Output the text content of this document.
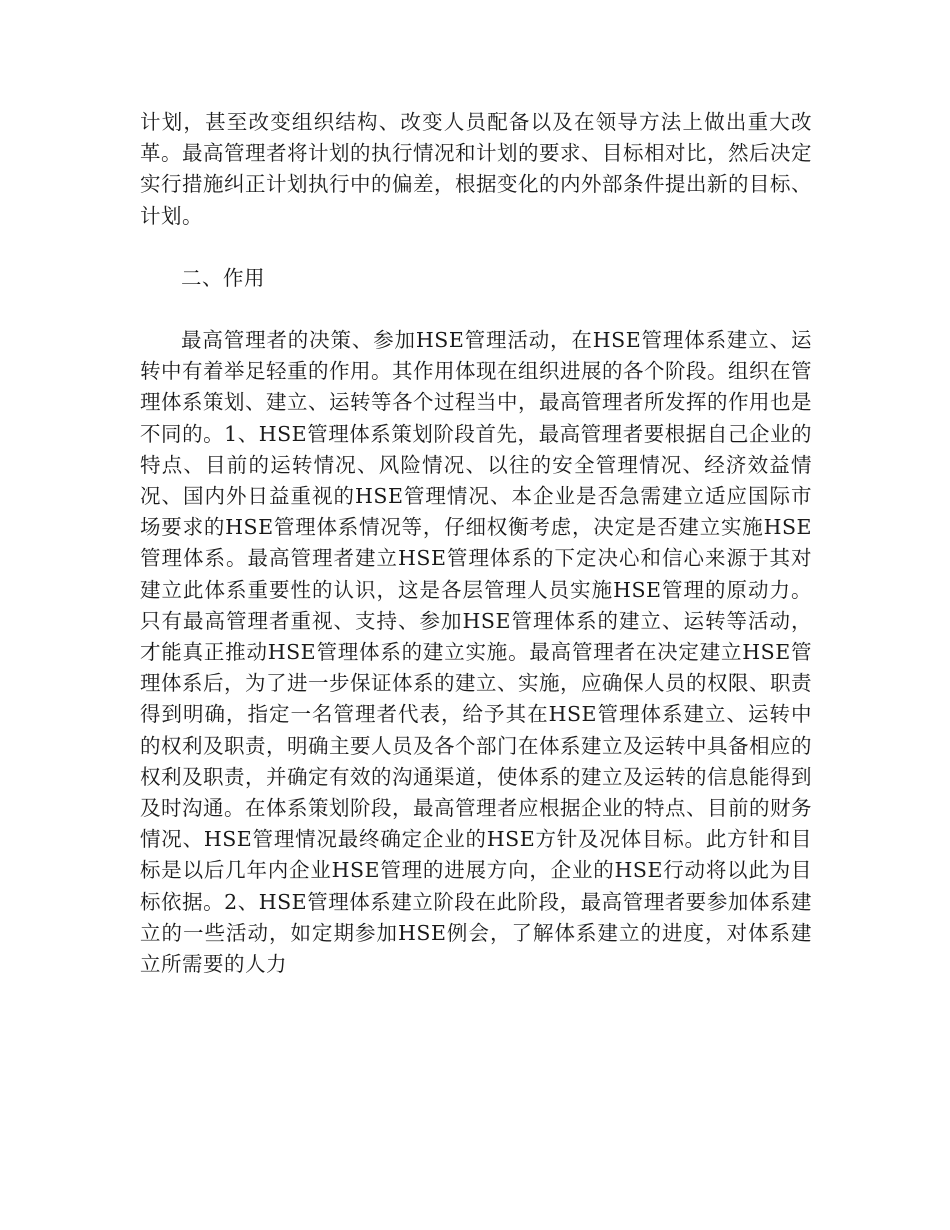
计划，甚至改变组织结构、改变人员配备以及在领导方法上做出重大改革。最高管理者将计划的执行情况和计划的要求、目标相对比，然后决定实行措施纠正计划执行中的偏差，根据变化的内外部条件提出新的目标、计划。

二、作用

最高管理者的决策、参加HSE管理活动，在HSE管理体系建立、运转中有着举足轻重的作用。其作用体现在组织进展的各个阶段。组织在管理体系策划、建立、运转等各个过程当中，最高管理者所发挥的作用也是不同的。1、HSE管理体系策划阶段首先，最高管理者要根据自己企业的特点、目前的运转情况、风险情况、以往的安全管理情况、经济效益情况、国内外日益重视的HSE管理情况、本企业是否急需建立适应国际市场要求的HSE管理体系情况等，仔细权衡考虑，决定是否建立实施HSE管理体系。最高管理者建立HSE管理体系的下定决心和信心来源于其对建立此体系重要性的认识，这是各层管理人员实施HSE管理的原动力。只有最高管理者重视、支持、参加HSE管理体系的建立、运转等活动，才能真正推动HSE管理体系的建立实施。最高管理者在决定建立HSE管理体系后，为了进一步保证体系的建立、实施，应确保人员的权限、职责得到明确，指定一名管理者代表，给予其在HSE管理体系建立、运转中的权利及职责，明确主要人员及各个部门在体系建立及运转中具备相应的权利及职责，并确定有效的沟通渠道，使体系的建立及运转的信息能得到及时沟通。在体系策划阶段，最高管理者应根据企业的特点、目前的财务情况、HSE管理情况最终确定企业的HSE方针及况体目标。此方针和目标是以后几年内企业HSE管理的进展方向，企业的HSE行动将以此为目标依据。2、HSE管理体系建立阶段在此阶段，最高管理者要参加体系建立的一些活动，如定期参加HSE例会，了解体系建立的进度，对体系建立所需要的人力
